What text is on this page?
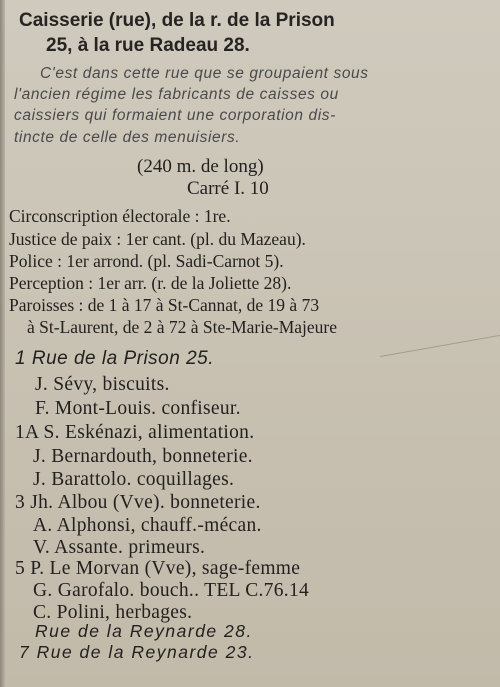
Caisserie (rue), de la r. de la Prison
25, à la rue Radeau 28.
C'est dans cette rue que se groupaient sous
l'ancien régime les fabricants de caisses ou
caissiers qui formaient une corporation dis-
tincte de celle des menuisiers.
(240 m. de long)
Carré I. 10
Circonscription électorale : 1re.
Justice de paix : 1er cant. (pl. du Mazeau).
Police : 1er arrond. (pl. Sadi-Carnot 5).
Perception : 1er arr. (r. de la Joliette 28).
Paroisses : de 1 à 17 à St-Cannat, de 19 à 73
à St-Laurent, de 2 à 72 à Ste-Marie-Majeure
1 Rue de la Prison 25.
J. Sévy, biscuits.
F. Mont-Louis. confiseur.
1A S. Eskénazi, alimentation.
J. Bernardouth, bonneterie.
J. Barattolo. coquillages.
3 Jh. Albou (Vve). bonneterie.
A. Alphonsi, chauff.-mécan.
V. Assante. primeurs.
5 P. Le Morvan (Vve), sage-femme
G. Garofalo. bouch.. TEL C.76.14
C. Polini, herbages.
Rue de la Reynarde 28.
7 Rue de la Reynarde 23.
